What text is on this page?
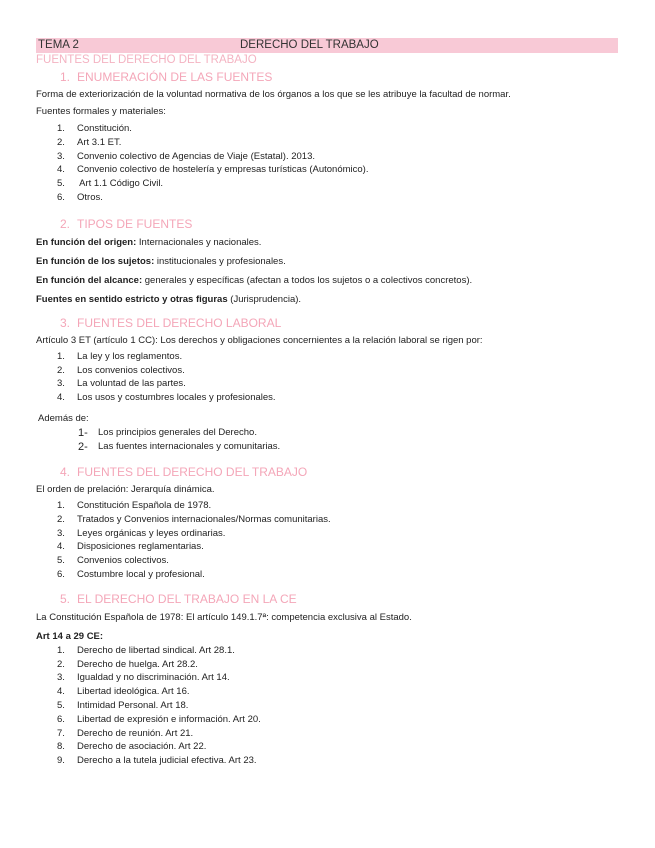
TEMA 2	DERECHO DEL TRABAJO
FUENTES DEL DERECHO DEL TRABAJO
1. ENUMERACIÓN DE LAS FUENTES

Forma de exteriorización de la voluntad normativa de los órganos a los que se les atribuye la facultad de normar.

Fuentes formales y materiales:

1. Constitución.
2. Art 3.1 ET.
3. Convenio colectivo de Agencias de Viaje (Estatal). 2013.
4. Convenio colectivo de hostelería y empresas turísticas (Autonómico).
5. Art 1.1 Código Civil.
6. Otros.
2. TIPOS DE FUENTES

En función del origen: Internacionales y nacionales.

En función de los sujetos: institucionales y profesionales.

En función del alcance: generales y específicas (afectan a todos los sujetos o a colectivos concretos).

Fuentes en sentido estricto y otras figuras (Jurisprudencia).

3. FUENTES DEL DERECHO LABORAL

Artículo 3 ET (artículo 1 CC): Los derechos y obligaciones concernientes a la relación laboral se rigen por:

1. La ley y los reglamentos.
2. Los convenios colectivos.
3. La voluntad de las partes.
4. Los usos y costumbres locales y profesionales.

Además de:

1- Los principios generales del Derecho.
2- Las fuentes internacionales y comunitarias.
4. FUENTES DEL DERECHO DEL TRABAJO

El orden de prelación: Jerarquía dinámica.

1. Constitución Española de 1978.
2. Tratados y Convenios internacionales/Normas comunitarias.
3. Leyes orgánicas y leyes ordinarias.
4. Disposiciones reglamentarias.
5. Convenios colectivos.
6. Costumbre local y profesional.
5. EL DERECHO DEL TRABAJO EN LA CE

La Constitución Española de 1978: El artículo 149.1.7ª: competencia exclusiva al Estado.

Art 14 a 29 CE:

1. Derecho de libertad sindical. Art 28.1.
2. Derecho de huelga. Art 28.2.
3. Igualdad y no discriminación. Art 14.
4. Libertad ideológica. Art 16.
5. Intimidad Personal. Art 18.
6. Libertad de expresión e información. Art 20.
7. Derecho de reunión. Art 21.
8. Derecho de asociación. Art 22.
9. Derecho a la tutela judicial efectiva. Art 23.
